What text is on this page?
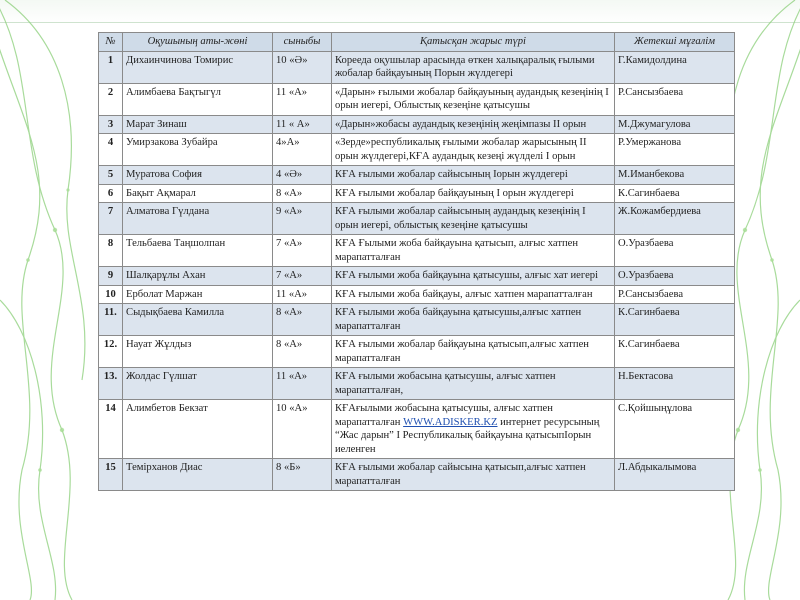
№	Оқушының аты-жөні	сыныбы	Қатысқан жарыс түрі	Жетекші мұғалім
1	Дихаинчинова Томирис	10 «Ә»	Корееда оқушылар арасында өткен халықаралық ғылыми жобалар байқауының Порын жүлдегері	Г.Камидолдина
2	Алимбаева Бақтыгүл	11 «А»	«Дарын» ғылыми жобалар байқауының аудандық кезеңінің I орын иегері, Облыстық кезеңіне қатысушы	Р.Сансызбаева
3	Марат Зинаш	11 « А»	«Дарын»жобасы аудандық кезеңінің жеңімпазы II орын	М.Джумагулова
4	Умирзакова Зубайра	4»А»	«Зерде»республикалық ғылыми жобалар жарысының II орын жүлдегері,КҒА аудандық кезеңі жүлделі I орын	Р.Умержанова
5	Муратова София	4 «Ә»	КҒА ғылыми жобалар сайысының Iорын жүлдегері	М.Иманбекова
6	Бақыт Ақмарал	8 «А»	КҒА ғылыми жобалар байқауының I орын жүлдегері	К.Сагинбаева
7	Алматова Гүлдана	9 «А»	КҒА ғылыми жобалар сайысының аудандық кезеңінің I орын иегері, облыстық кезеңіне қатысушы	Ж.Кожамбердиева
8	Тельбаева Таңшолпан	7 «А»	КҒА Ғылыми жоба байқауына қатысып, алғыс хатпен марапатталған	О.Уразбаева
9	Шалқарұлы Ахан	7 «А»	КҒА ғылыми жоба байқауына қатысушы, алғыс хат иегері	О.Уразбаева
10	Ерболат Маржан	11 «А»	КҒА ғылыми жоба байқауы, алғыс хатпен марапатталған	Р.Сансызбаева
11.	Сыдықбаева Камилла	8 «А»	КҒА ғылыми жоба байқауына қатысушы,алғыс хатпен марапатталған	К.Сагинбаева
12.	Науат Жұлдыз	8 «А»	КҒА ғылыми жобалар байқауына қатысып,алғыс хатпен марапатталған	К.Сагинбаева
13.	Жолдас Гүлшат	11 «А»	КҒА ғылыми жобасына қатысушы, алғыс хатпен марапатталған,	Н.Бектасова
14	Алимбетов Бекзат	10 «А»	КҒАғылыми жобасына қатысушы, алғыс хатпен марапатталған WWW.ADISKER.KZ интернет ресурсының “Жас дарын” I Республикалық байқауына қатысыпIорын иеленген	С.Қойшыңұлова
15	Темірханов Диас	8 «Б»	КҒА ғылыми жобалар сайысына қатысып,алғыс хатпен марапатталған	Л.Абдыкалымова
